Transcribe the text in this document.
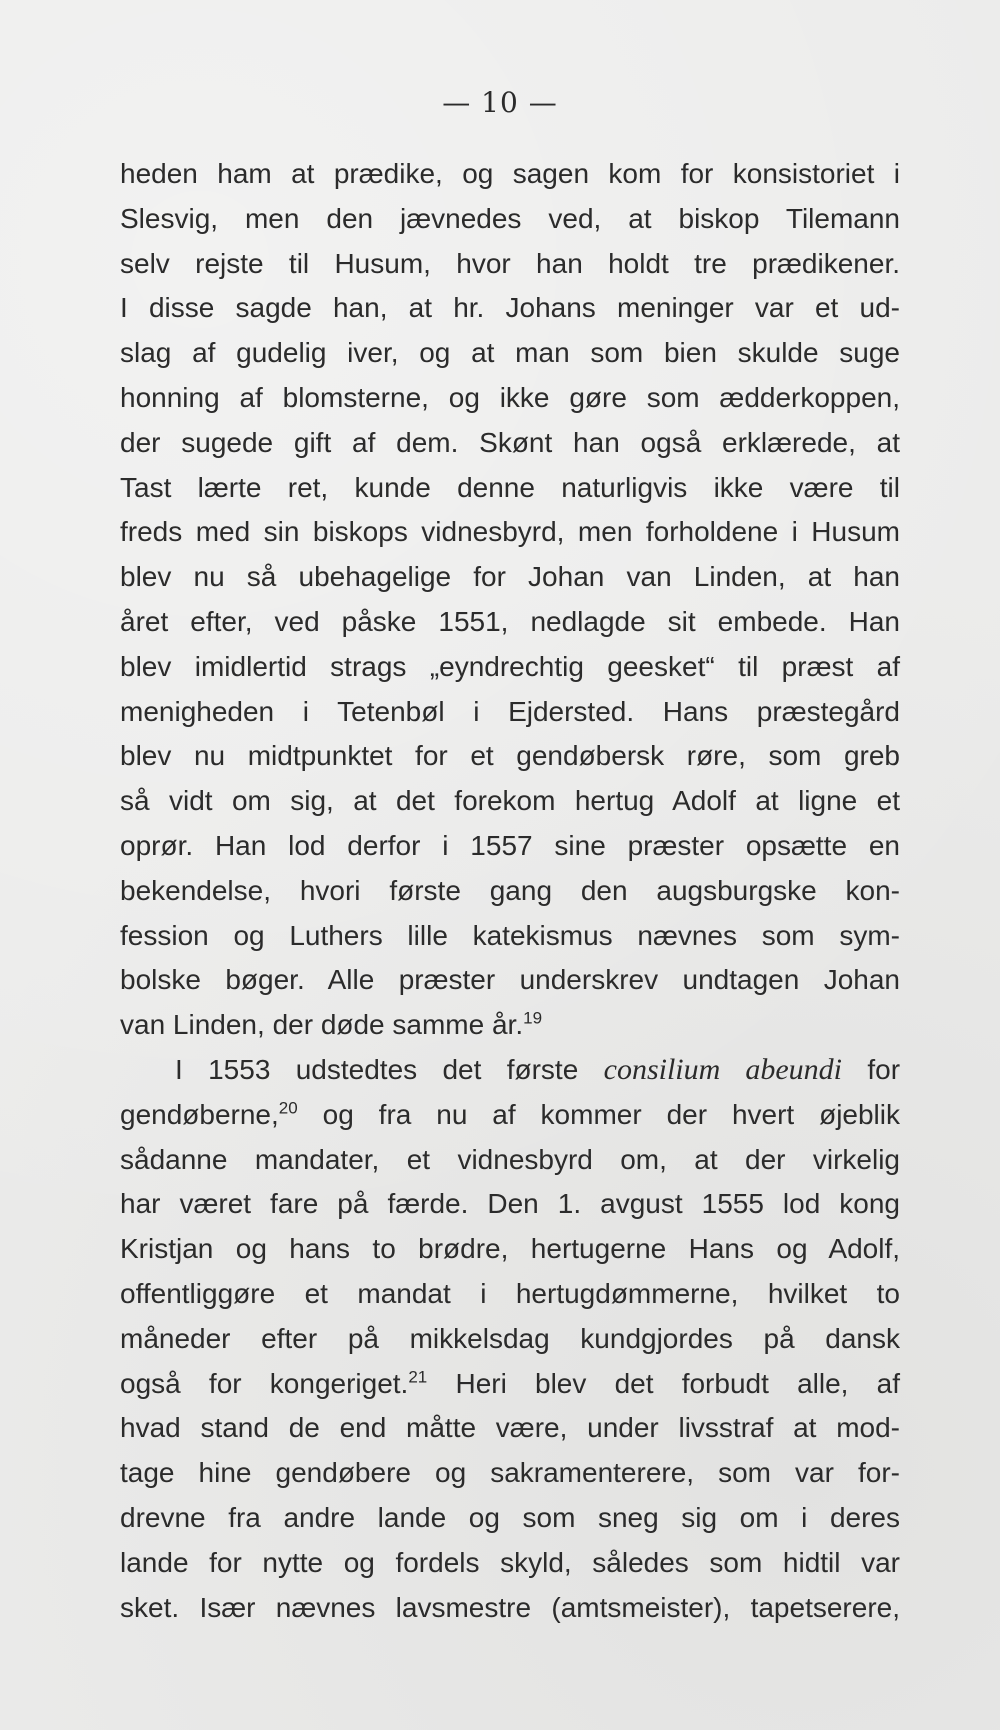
— 10 —
heden ham at prædike, og sagen kom for konsistoriet i
Slesvig, men den jævnedes ved, at biskop Tilemann
selv rejste til Husum, hvor han holdt tre prædikener.
I disse sagde han, at hr. Johans meninger var et ud-
slag af gudelig iver, og at man som bien skulde suge
honning af blomsterne, og ikke gøre som ædderkoppen,
der sugede gift af dem. Skønt han også erklærede, at
Tast lærte ret, kunde denne naturligvis ikke være til
freds med sin biskops vidnesbyrd, men forholdene i Husum
blev nu så ubehagelige for Johan van Linden, at han
året efter, ved påske 1551, nedlagde sit embede. Han
blev imidlertid strags „eyndrechtig geesket“ til præst af
menigheden i Tetenbøl i Ejdersted. Hans præstegård
blev nu midtpunktet for et gendøbersk røre, som greb
så vidt om sig, at det forekom hertug Adolf at ligne et
oprør. Han lod derfor i 1557 sine præster opsætte en
bekendelse, hvori første gang den augsburgske kon-
fession og Luthers lille katekismus nævnes som sym-
bolske bøger. Alle præster underskrev undtagen Johan
van Linden, der døde samme år.$^{19}$
I 1553 udstedtes det første consilium abeundi for
gendøberne,$^{20}$ og fra nu af kommer der hvert øjeblik
sådanne mandater, et vidnesbyrd om, at der virkelig
har været fare på færde. Den 1. avgust 1555 lod kong
Kristjan og hans to brødre, hertugerne Hans og Adolf,
offentliggøre et mandat i hertugdømmerne, hvilket to
måneder efter på mikkelsdag kundgjordes på dansk
også for kongeriget.$^{21}$ Heri blev det forbudt alle, af
hvad stand de end måtte være, under livsstraf at mod-
tage hine gendøbere og sakramenterere, som var for-
drevne fra andre lande og som sneg sig om i deres
lande for nytte og fordels skyld, således som hidtil var
sket. Især nævnes lavsmestre (amtsmeister), tapetserere,
